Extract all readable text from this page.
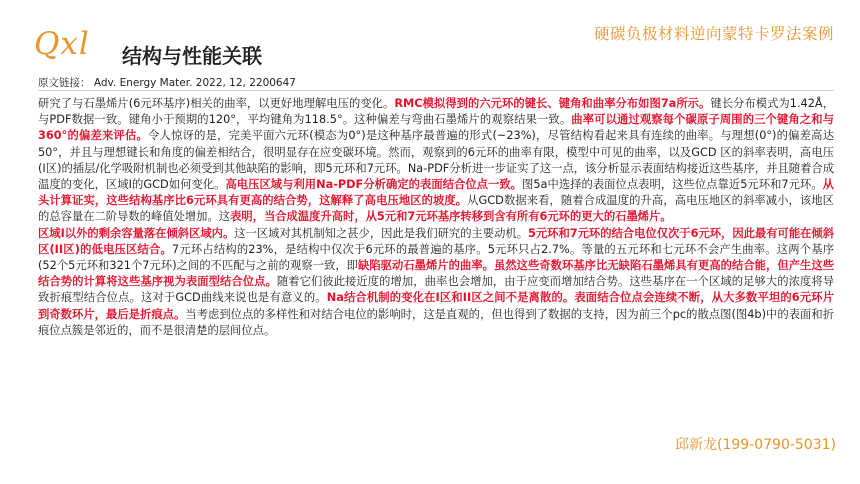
Qxl	结构与性能关联
硬碳负极材料逆向蒙特卡罗法案例
原文链接： Adv. Energy Mater. 2022, 12, 2200647
研究了与石墨烯片(6元环基序)相关的曲率，以更好地理解电压的变化。RMC模拟得到的六元环的键长、键角和曲率分布如图7a所示。键长分布模式为1.42Å，与PDF数据一致。键角小于预期的120°，平均键角为118.5°。这种偏差与弯曲石墨烯片的观察结果一致。曲率可以通过观察每个碳原子周围的三个键角之和与360°的偏差来评估。令人惊讶的是，完美平面六元环(模态为0°)是这种基序最普遍的形式(~23%)，尽管结构看起来具有连续的曲率。与理想(0°)的偏差高达50°，并且与理想键长和角度的偏差相结合，很明显存在应变碳环境。然而，观察到的6元环的曲率有限，模型中可见的曲率，以及GCD 区的斜率表明，高电压(I区)的插层/化学吸附机制也必须受到其他缺陷的影响，即5元环和7元环。Na-PDF分析进一步证实了这一点，该分析显示表面结构接近这些基序，并且随着合成温度的变化，区域I的GCD如何变化。高电压区域与利用Na-PDF分析确定的表面结合位点一致。图5a中选择的表面位点表明，这些位点靠近5元环和7元环。从头计算证实，这些结构基序比6元环具有更高的结合势，这解释了高电压地区的坡度。从GCD数据来看，随着合成温度的升高，高电压地区的斜率减小，该地区的总容量在二阶导数的峰值处增加。这表明，当合成温度升高时，从5元和7元环基序转移到含有所有6元环的更大的石墨烯片。
区域I以外的剩余容量落在倾斜区域内。这一区域对其机制知之甚少，因此是我们研究的主要动机。5元环和7元环的结合电位仅次于6元环，因此最有可能在倾斜区(II区)的低电压区结合。7元环占结构的23%，是结构中仅次于6元环的最普遍的基序。5元环只占2.7%。等量的五元环和七元环不会产生曲率。这两个基序(52个5元环和321个7元环)之间的不匹配与之前的观察一致，即缺陷驱动石墨烯片的曲率。虽然这些奇数环基序比无缺陷石墨烯具有更高的结合能，但产生这些结合势的计算将这些基序视为表面型结合位点。随着它们彼此接近度的增加，曲率也会增加，由于应变而增加结合势。这些基序在一个区域的足够大的浓度将导致折痕型结合位点。这对于GCD曲线来说也是有意义的。Na结合机制的变化在I区和II区之间不是离散的。表面结合位点会连续不断，从大多数平坦的6元环片到奇数环片，最后是折痕点。当考虑到位点的多样性和对结合电位的影响时，这是直观的，但也得到了数据的支持，因为前三个pc的散点图(图4b)中的表面和折痕位点簇是邻近的，而不是很清楚的层间位点。
邱新龙(199-0790-5031)
